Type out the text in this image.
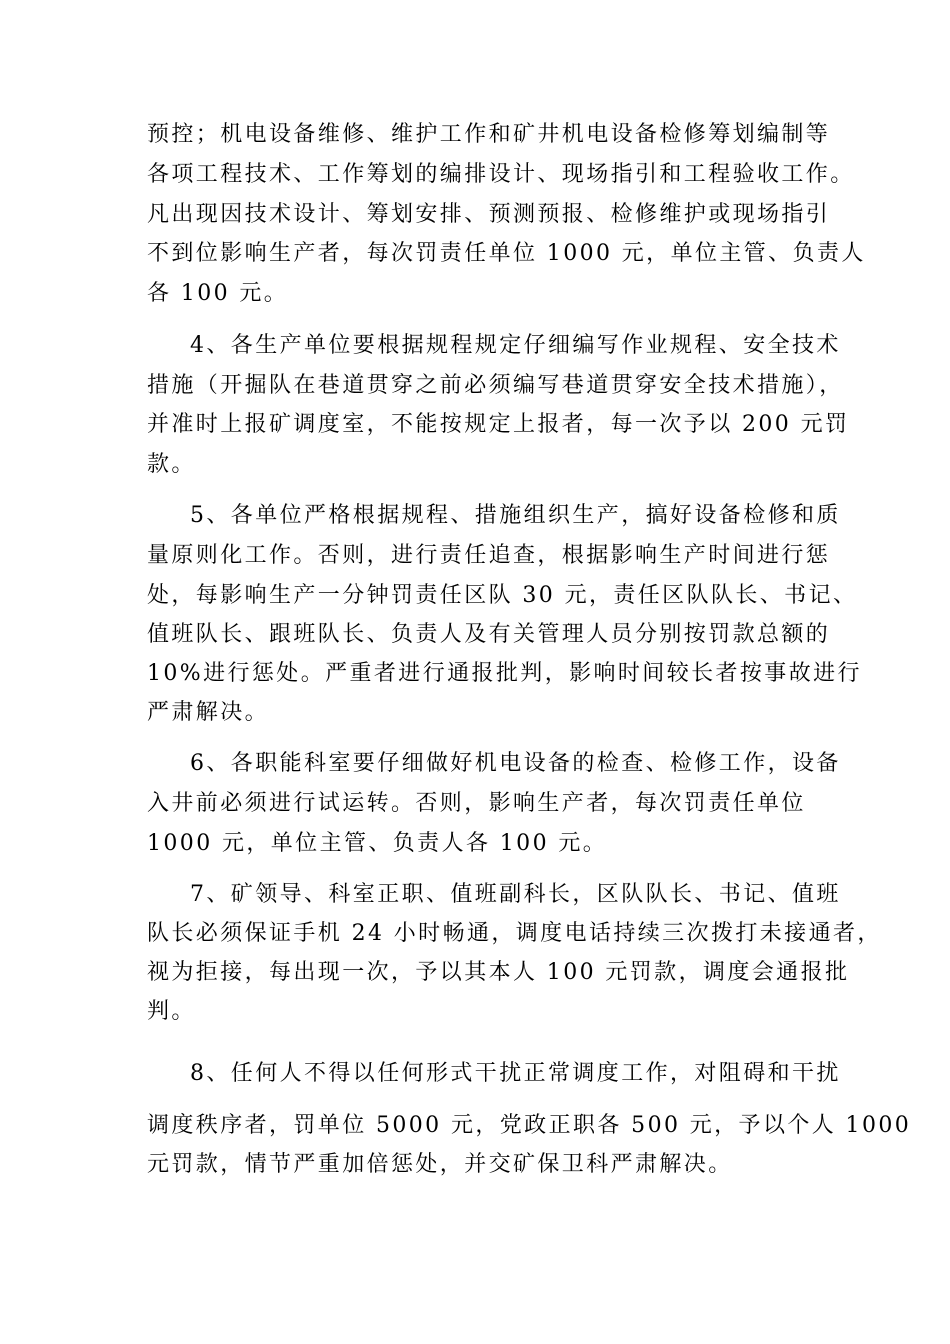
预控；机电设备维修、维护工作和矿井机电设备检修筹划编制等

各项工程技术、工作筹划的编排设计、现场指引和工程验收工作。

凡出现因技术设计、筹划安排、预测预报、检修维护或现场指引

不到位影响生产者，每次罚责任单位 1000 元，单位主管、负责人

各 100 元。

4、各生产单位要根据规程规定仔细编写作业规程、安全技术

措施（开掘队在巷道贯穿之前必须编写巷道贯穿安全技术措施），

并准时上报矿调度室，不能按规定上报者，每一次予以 200 元罚

款。

5、各单位严格根据规程、措施组织生产，搞好设备检修和质

量原则化工作。否则，进行责任追查，根据影响生产时间进行惩

处，每影响生产一分钟罚责任区队 30 元，责任区队队长、书记、

值班队长、跟班队长、负责人及有关管理人员分别按罚款总额的

10%进行惩处。严重者进行通报批判，影响时间较长者按事故进行

严肃解决。

6、各职能科室要仔细做好机电设备的检查、检修工作，设备

入井前必须进行试运转。否则，影响生产者，每次罚责任单位

1000 元，单位主管、负责人各 100 元。

7、矿领导、科室正职、值班副科长，区队队长、书记、值班

队长必须保证手机 24 小时畅通，调度电话持续三次拨打未接通者，

视为拒接，每出现一次，予以其本人 100 元罚款，调度会通报批

判。

8、任何人不得以任何形式干扰正常调度工作，对阻碍和干扰

调度秩序者，罚单位 5000 元，党政正职各 500 元，予以个人 1000

元罚款，情节严重加倍惩处，并交矿保卫科严肃解决。
